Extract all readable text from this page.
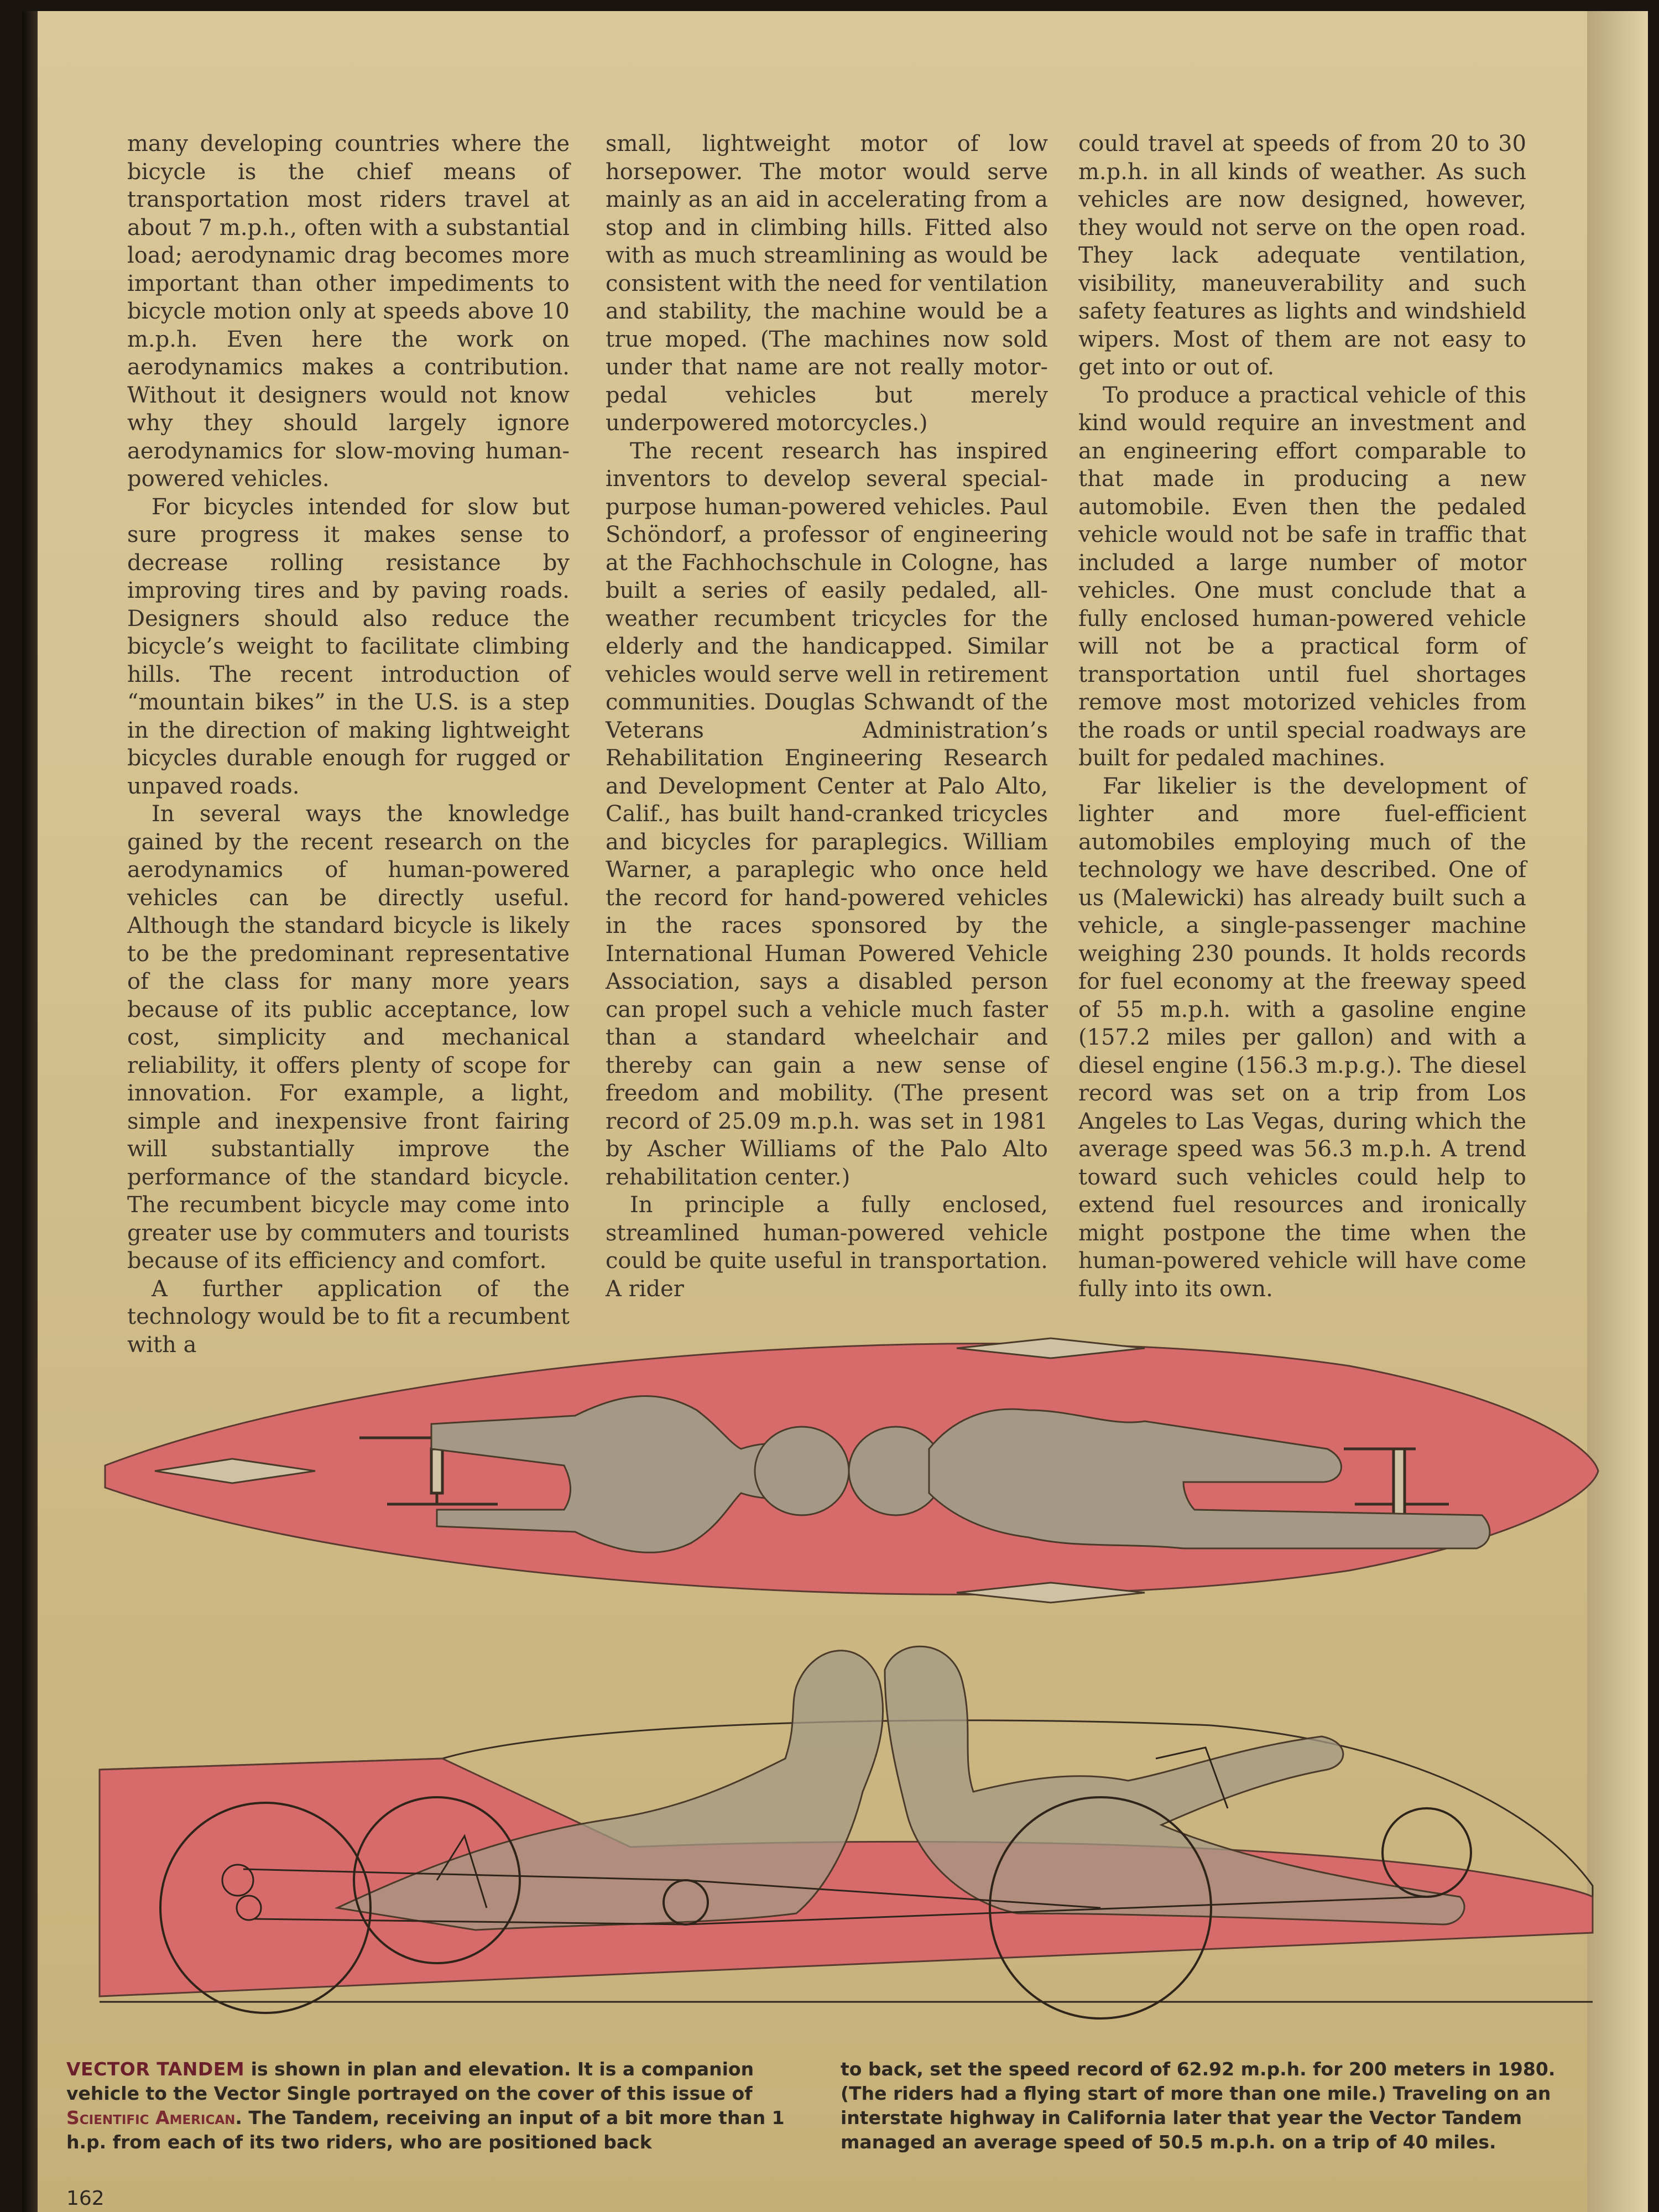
many developing countries where the bicycle is the chief means of transportation most riders travel at about 7 m.p.h., often with a substantial load; aerodynamic drag becomes more important than other impediments to bicycle motion only at speeds above 10 m.p.h. Even here the work on aerodynamics makes a contribution. Without it designers would not know why they should largely ignore aerodynamics for slow-moving human-powered vehicles.

For bicycles intended for slow but sure progress it makes sense to decrease rolling resistance by improving tires and by paving roads. Designers should also reduce the bicycle’s weight to facilitate climbing hills. The recent introduction of “mountain bikes” in the U.S. is a step in the direction of making lightweight bicycles durable enough for rugged or unpaved roads.

In several ways the knowledge gained by the recent research on the aerodynamics of human-powered vehicles can be directly useful. Although the standard bicycle is likely to be the predominant representative of the class for many more years because of its public acceptance, low cost, simplicity and mechanical reliability, it offers plenty of scope for innovation. For example, a light, simple and inexpensive front fairing will substantially improve the performance of the standard bicycle. The recumbent bicycle may come into greater use by commuters and tourists because of its efficiency and comfort.

A further application of the technology would be to fit a recumbent with a

small, lightweight motor of low horsepower. The motor would serve mainly as an aid in accelerating from a stop and in climbing hills. Fitted also with as much streamlining as would be consistent with the need for ventilation and stability, the machine would be a true moped. (The machines now sold under that name are not really motor-pedal vehicles but merely underpowered motorcycles.)

The recent research has inspired inventors to develop several special-purpose human-powered vehicles. Paul Schöndorf, a professor of engineering at the Fachhochschule in Cologne, has built a series of easily pedaled, all-weather recumbent tricycles for the elderly and the handicapped. Similar vehicles would serve well in retirement communities. Douglas Schwandt of the Veterans Administration’s Rehabilitation Engineering Research and Development Center at Palo Alto, Calif., has built hand-cranked tricycles and bicycles for paraplegics. William Warner, a paraplegic who once held the record for hand-powered vehicles in the races sponsored by the International Human Powered Vehicle Association, says a disabled person can propel such a vehicle much faster than a standard wheelchair and thereby can gain a new sense of freedom and mobility. (The present record of 25.09 m.p.h. was set in 1981 by Ascher Williams of the Palo Alto rehabilitation center.)

In principle a fully enclosed, streamlined human-powered vehicle could be quite useful in transportation. A rider

could travel at speeds of from 20 to 30 m.p.h. in all kinds of weather. As such vehicles are now designed, however, they would not serve on the open road. They lack adequate ventilation, visibility, maneuverability and such safety features as lights and windshield wipers. Most of them are not easy to get into or out of.

To produce a practical vehicle of this kind would require an investment and an engineering effort comparable to that made in producing a new automobile. Even then the pedaled vehicle would not be safe in traffic that included a large number of motor vehicles. One must conclude that a fully enclosed human-powered vehicle will not be a practical form of transportation until fuel shortages remove most motorized vehicles from the roads or until special roadways are built for pedaled machines.

Far likelier is the development of lighter and more fuel-efficient automobiles employing much of the technology we have described. One of us (Malewicki) has already built such a vehicle, a single-passenger machine weighing 230 pounds. It holds records for fuel economy at the freeway speed of 55 m.p.h. with a gasoline engine (157.2 miles per gallon) and with a diesel engine (156.3 m.p.g.). The diesel record was set on a trip from Los Angeles to Las Vegas, during which the average speed was 56.3 m.p.h. A trend toward such vehicles could help to extend fuel resources and ironically might postpone the time when the human-powered vehicle will have come fully into its own.

VECTOR TANDEM is shown in plan and elevation. It is a companion vehicle to the Vector Single portrayed on the cover of this issue of Scientific American. The Tandem, receiving an input of a bit more than 1 h.p. from each of its two riders, who are positioned back
to back, set the speed record of 62.92 m.p.h. for 200 meters in 1980. (The riders had a flying start of more than one mile.) Traveling on an interstate highway in California later that year the Vector Tandem managed an average speed of 50.5 m.p.h. on a trip of 40 miles.
162
